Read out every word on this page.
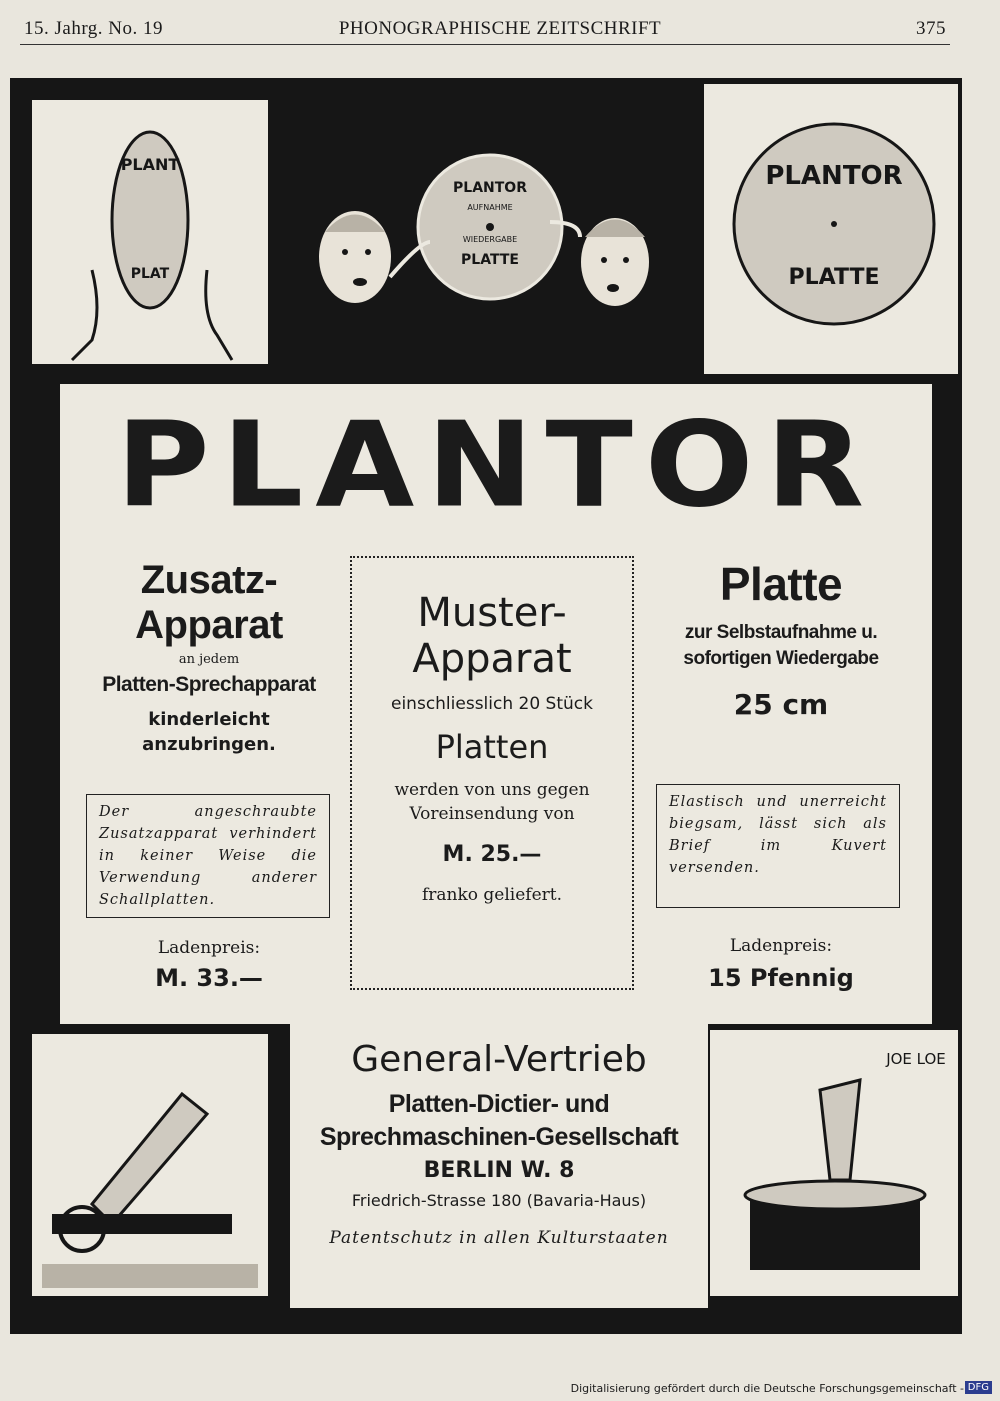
15. Jahrg. No. 19	PHONOGRAPHISCHE ZEITSCHRIFT	375
PLANTOR
AUFNAHME
WIEDERGABE
PLATTE
PLANT
PLAT
PLANTOR
PLATTE
PLANTOR
Zusatz-
Apparat
an jedem
Platten-Sprechapparat
kinderleicht
anzubringen.
Der angeschraubte Zusatzapparat verhindert in keiner Weise die Verwendung anderer Schallplatten.
Ladenpreis:
M. 33.—
Muster-
Apparat
einschliesslich 20 Stück
Platten
werden von uns gegen
Voreinsendung von
M. 25.—
franko geliefert.
Platte
zur Selbstaufnahme u.
sofortigen Wiedergabe
25 cm
Elastisch und unerreicht biegsam, lässt sich als Brief im Kuvert versenden.
Ladenpreis:
15 Pfennig
JOE LOE
General-Vertrieb
Platten-Dictier- und
Sprechmaschinen-Gesellschaft
BERLIN W. 8
Friedrich-Strasse 180 (Bavaria-Haus)
Patentschutz in allen Kulturstaaten
Digitalisierung gefördert durch die Deutsche Forschungsgemeinschaft - DFG
